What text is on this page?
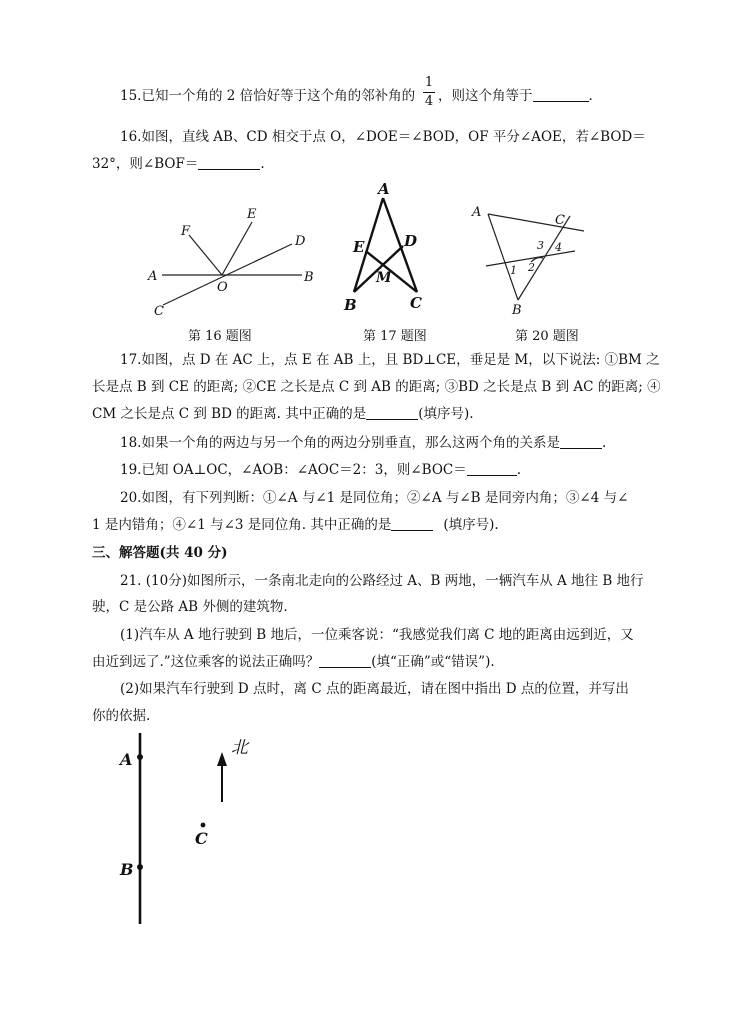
15.已知一个角的 2 倍恰好等于这个角的邻补角的
1
4 ，则这个角等于	.
16.如图，直线 AB、CD 相交于点 O，∠DOE＝∠BOD，OF 平分∠AOE，若∠BOD＝
32°，则∠BOF＝	.
A	B
C
D
E
F
O
A
B	C
D
E
M
A
B
C
1 2
3 4
第 16 题图	第 17 题图	第 20 题图
17.如图，点 D 在 AC 上，点 E 在 AB 上，且 BD⊥CE，垂足是 M，以下说法: ①BM 之
长是点 B 到 CE 的距离; ②CE 之长是点 C 到 AB 的距离; ③BD 之长是点 B 到 AC 的距离; ④
CM 之长是点 C 到 BD 的距离. 其中正确的是	(填序号).
18.如果一个角的两边与另一个角的两边分别垂直，那么这两个角的关系是	.
19.已知 OA⊥OC，∠AOB：∠AOC＝2：3，则∠BOC＝	.
20.如图，有下列判断：①∠A 与∠1 是同位角；②∠A 与∠B 是同旁内角；③∠4 与∠
1 是内错角；④∠1 与∠3 是同位角. 其中正确的是	(填序号).
三、解答题(共 40 分)
21. (10分)如图所示，一条南北走向的公路经过 A、B 两地，一辆汽车从 A 地往 B 地行
驶，C 是公路 AB 外侧的建筑物.
(1)汽车从 A 地行驶到 B 地后，一位乘客说：“我感觉我们离 C 地的距离由远到近，又
由近到远了.”这位乘客的说法正确吗？	(填“正确”或“错误”).
(2)如果汽车行驶到 D 点时，离 C 点的距离最近，请在图中指出 D 点的位置，并写出
你的依据.
A
B
C
北
